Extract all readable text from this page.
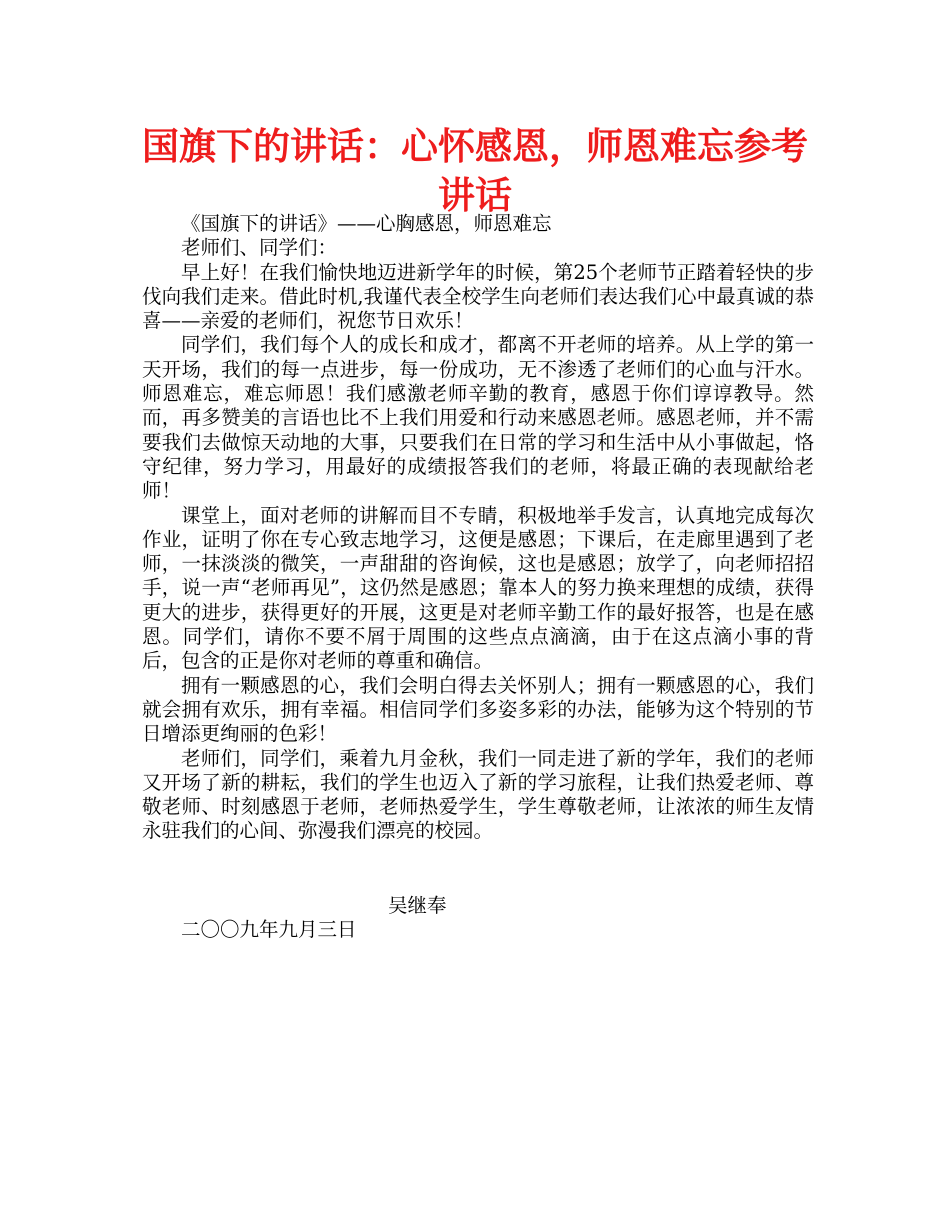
国旗下的讲话：心怀感恩，师恩难忘参考讲话

《国旗下的讲话》——心胸感恩，师恩难忘

老师们、同学们：

早上好！在我们愉快地迈进新学年的时候，第25个老师节正踏着轻快的步伐向我们走来。借此时机,我谨代表全校学生向老师们表达我们心中最真诚的恭喜——亲爱的老师们，祝您节日欢乐！

同学们，我们每个人的成长和成才，都离不开老师的培养。从上学的第一天开场，我们的每一点进步，每一份成功，无不渗透了老师们的心血与汗水。师恩难忘，难忘师恩！我们感激老师辛勤的教育，感恩于你们谆谆教导。然而，再多赞美的言语也比不上我们用爱和行动来感恩老师。感恩老师，并不需要我们去做惊天动地的大事，只要我们在日常的学习和生活中从小事做起，恪守纪律，努力学习，用最好的成绩报答我们的老师，将最正确的表现献给老师！

课堂上，面对老师的讲解而目不专睛，积极地举手发言，认真地完成每次作业，证明了你在专心致志地学习，这便是感恩；下课后，在走廊里遇到了老师，一抹淡淡的微笑，一声甜甜的咨询候，这也是感恩；放学了，向老师招招手，说一声“老师再见”，这仍然是感恩；靠本人的努力换来理想的成绩，获得更大的进步，获得更好的开展，这更是对老师辛勤工作的最好报答，也是在感恩。同学们，请你不要不屑于周围的这些点点滴滴，由于在这点滴小事的背后，包含的正是你对老师的尊重和确信。

拥有一颗感恩的心，我们会明白得去关怀别人；拥有一颗感恩的心，我们就会拥有欢乐，拥有幸福。相信同学们多姿多彩的办法，能够为这个特别的节日增添更绚丽的色彩！

老师们，同学们，乘着九月金秋，我们一同走进了新的学年，我们的老师又开场了新的耕耘，我们的学生也迈入了新的学习旅程，让我们热爱老师、尊敬老师、时刻感恩于老师，老师热爱学生，学生尊敬老师，让浓浓的师生友情永驻我们的心间、弥漫我们漂亮的校园。

吴继奉
二〇〇九年九月三日
